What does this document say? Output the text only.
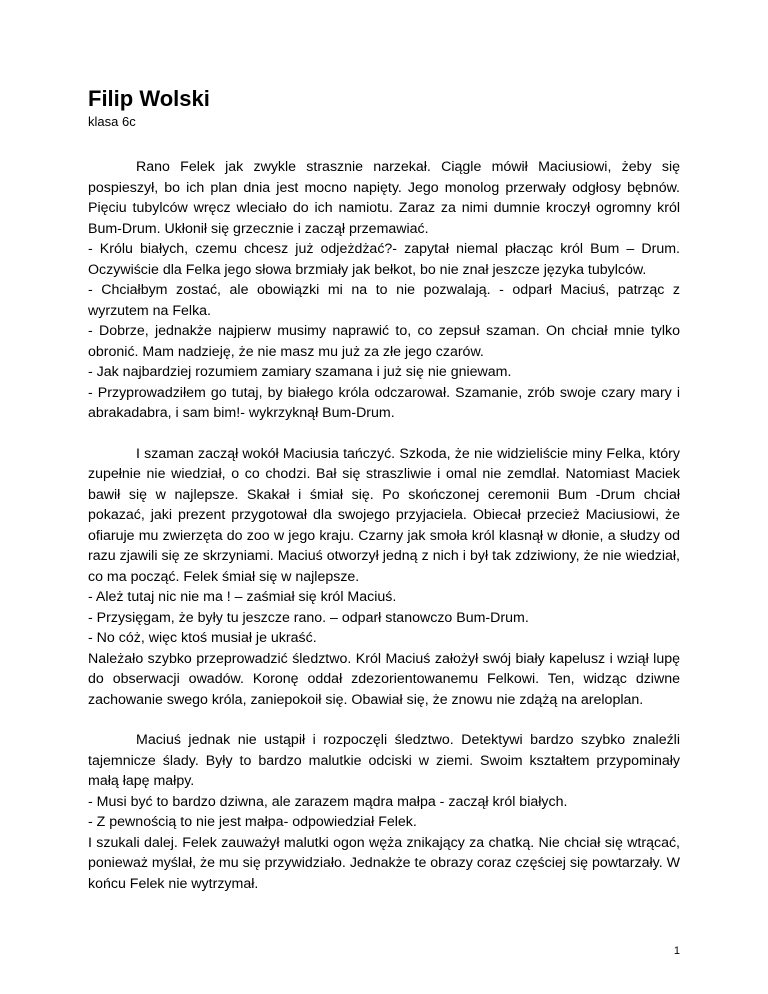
Filip Wolski
klasa 6c

Rano Felek jak zwykle strasznie narzekał. Ciągle mówił Maciusiowi, żeby się pospieszył, bo ich plan dnia jest mocno napięty. Jego monolog przerwały odgłosy bębnów. Pięciu tubylców wręcz wleciało do ich namiotu. Zaraz za nimi dumnie kroczył ogromny król Bum-Drum. Ukłonił się grzecznie i zaczął przemawiać.

- Królu białych, czemu chcesz już odjeżdżać?- zapytał niemal płacząc król Bum – Drum. Oczywiście dla Felka jego słowa brzmiały jak bełkot, bo nie znał jeszcze języka tubylców.

- Chciałbym zostać, ale obowiązki mi na to nie pozwalają. - odparł Maciuś, patrząc z wyrzutem na Felka.

- Dobrze, jednakże najpierw musimy naprawić to, co zepsuł szaman. On chciał mnie tylko obronić. Mam nadzieję, że nie masz mu już za złe jego czarów.

- Jak najbardziej rozumiem zamiary szamana i już się nie gniewam.

- Przyprowadziłem go tutaj, by białego króla odczarował. Szamanie, zrób swoje czary mary i abrakadabra, i sam bim!- wykrzyknął Bum-Drum.

I szaman zaczął wokół Maciusia tańczyć. Szkoda, że nie widzieliście miny Felka, który zupełnie nie wiedział, o co chodzi. Bał się straszliwie i omal nie zemdlał. Natomiast Maciek bawił się w najlepsze. Skakał i śmiał się. Po skończonej ceremonii Bum -Drum chciał pokazać, jaki prezent przygotował dla swojego przyjaciela. Obiecał przecież Maciusiowi, że ofiaruje mu zwierzęta do zoo w jego kraju. Czarny jak smoła król klasnął w dłonie, a słudzy od razu zjawili się ze skrzyniami. Maciuś otworzył jedną z nich i był tak zdziwiony, że nie wiedział, co ma począć. Felek śmiał się w najlepsze.

- Ależ tutaj nic nie ma ! – zaśmiał się król Maciuś.

- Przysięgam, że były tu jeszcze rano. – odparł stanowczo Bum-Drum.

- No cóż, więc ktoś musiał je ukraść.

Należało szybko przeprowadzić śledztwo. Król Maciuś założył swój biały kapelusz i wziął lupę do obserwacji owadów. Koronę oddał zdezorientowanemu Felkowi. Ten, widząc dziwne zachowanie swego króla, zaniepokoił się. Obawiał się, że znowu nie zdążą na areloplan.

Maciuś jednak nie ustąpił i rozpoczęli śledztwo. Detektywi bardzo szybko znaleźli tajemnicze ślady. Były to bardzo malutkie odciski w ziemi. Swoim kształtem przypominały małą łapę małpy.

- Musi być to bardzo dziwna, ale zarazem mądra małpa - zaczął król białych.

- Z pewnością to nie jest małpa- odpowiedział Felek.

I szukali dalej. Felek zauważył malutki ogon węża znikający za chatką. Nie chciał się wtrącać, ponieważ myślał, że mu się przywidziało. Jednakże te obrazy coraz częściej się powtarzały. W końcu Felek nie wytrzymał.

1
